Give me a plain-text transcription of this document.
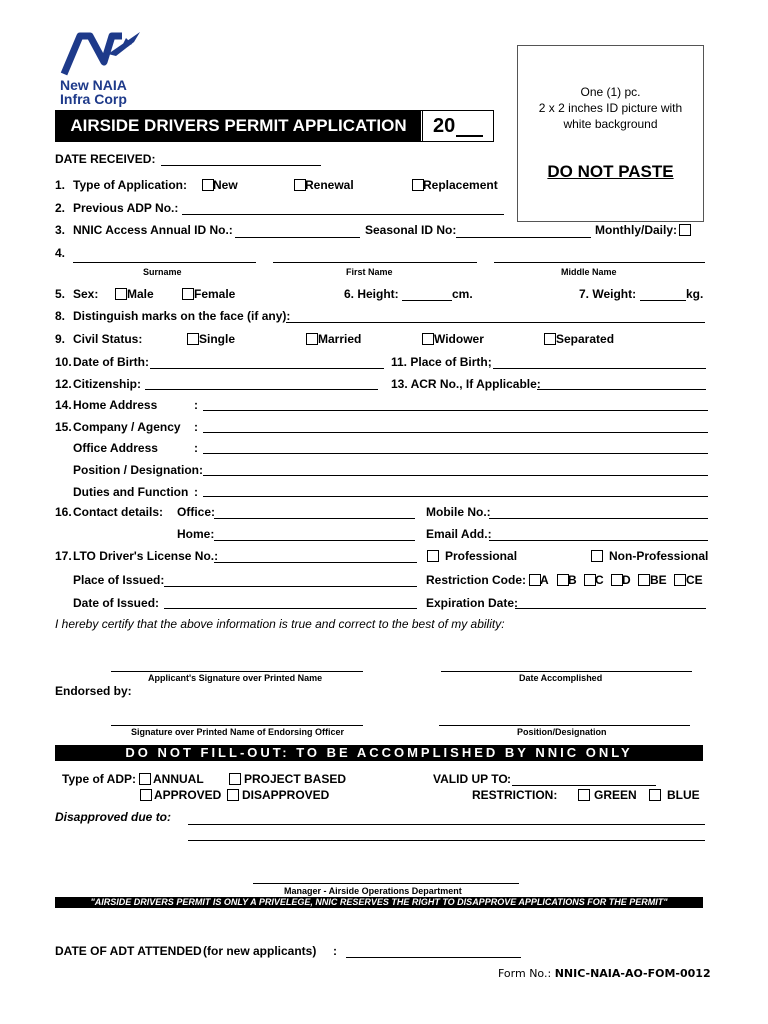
New NAIA
Infra Corp
AIRSIDE DRIVERS PERMIT APPLICATION	20
One (1) pc.
2 x 2 inches ID picture with
white background
DO NOT PASTE
DATE RECEIVED:
1. Type of Application: New	Renewal	Replacement
2. Previous ADP No.:
3. NNIC Access Annual ID No.:	Seasonal ID No:	Monthly/Daily:
4.
Surname	First Name	Middle Name
5. Sex: Male	Female	6. Height:	cm.	7. Weight:	kg.
8. Distinguish marks on the face (if any):
9. Civil Status:	Single	Married	Widower	Separated
10. Date of Birth:	11. Place of Birth;
12. Citizenship:	13. ACR No., If Applicable:
14. Home Address	:
15. Company / Agency :
Office Address	:
Position / Designation:
Duties and Function :
16. Contact details: Office:	Mobile No.:
Home:	Email Add.:
17. LTO Driver's License No.:	Professional	Non-Professional
Place of Issued:	Restriction Code: A B C D BE CE
Date of Issued:	Expiration Date:
I hereby certify that the above information is true and correct to the best of my ability:
Applicant's Signature over Printed Name	Date Accomplished
Endorsed by:
Signature over Printed Name of Endorsing Officer	Position/Designation
DO NOT FILL-OUT: TO BE ACCOMPLISHED BY NNIC ONLY
Type of ADP: ANNUAL	PROJECT BASED	VALID UP TO :
APPROVED DISAPPROVED	RESTRICTION:	GREEN	BLUE
Disapproved due to:
Manager - Airside Operations Department
"AIRSIDE DRIVERS PERMIT IS ONLY A PRIVELEGE, NNIC RESERVES THE RIGHT TO DISAPPROVE APPLICATIONS FOR THE PERMIT"
DATE OF ADT ATTENDED (for new applicants) :
Form No.: NNIC-NAIA-AO-FOM-0012
